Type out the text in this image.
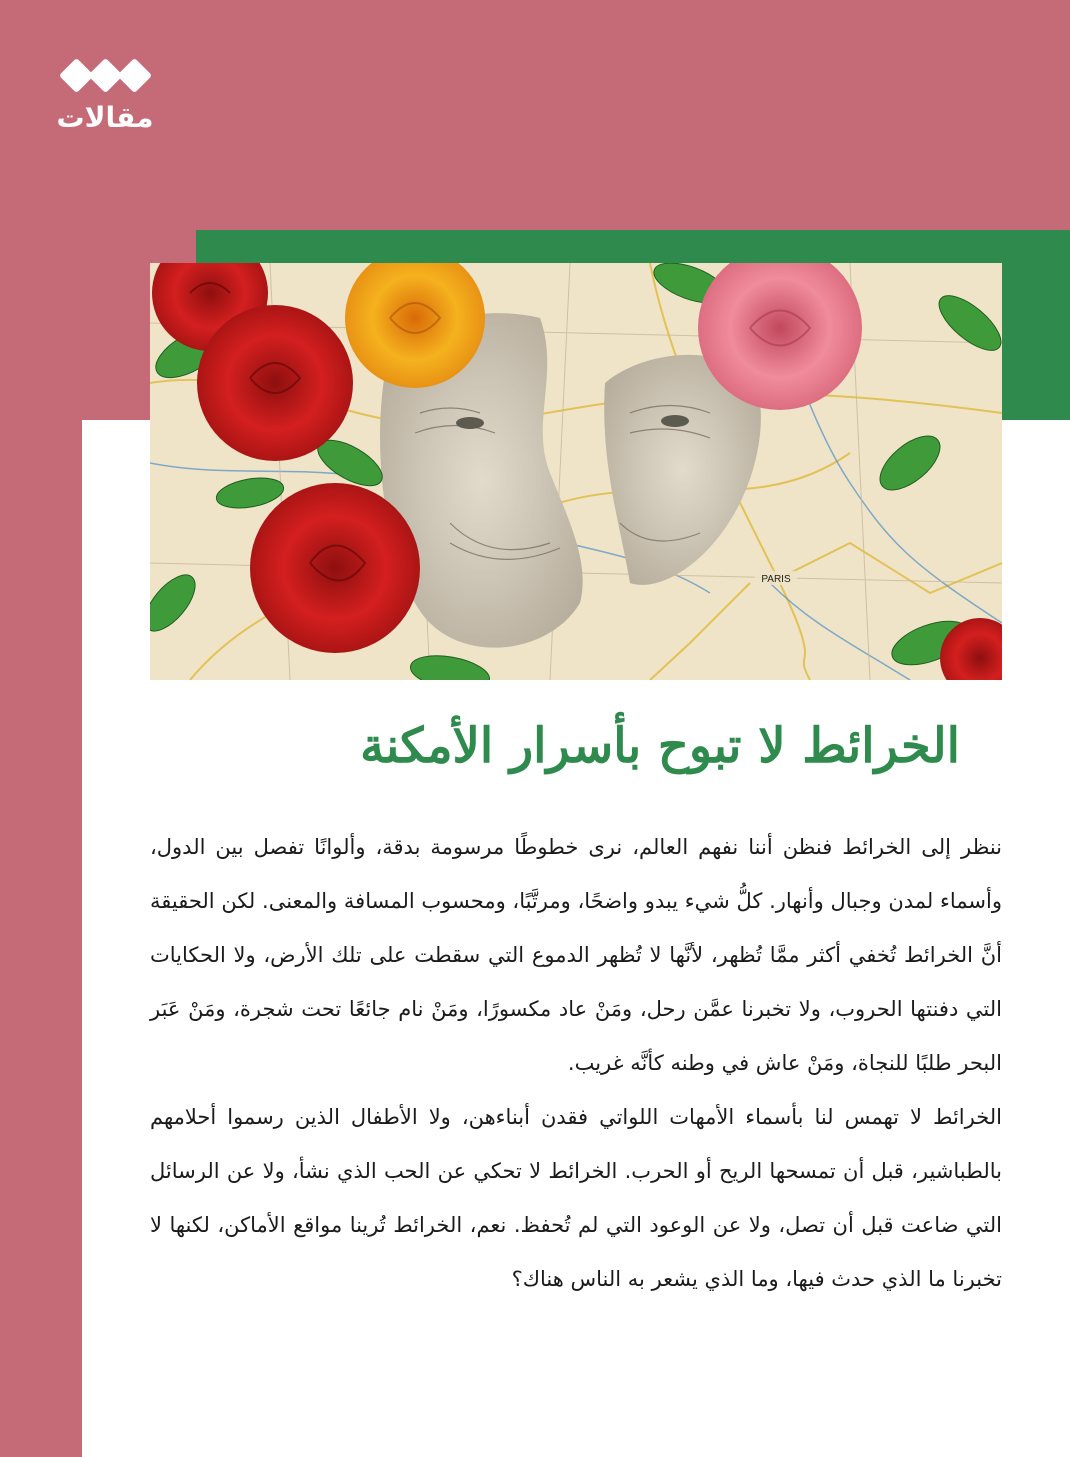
مقالات
PARIS
الخرائط لا تبوح بأسرار الأمكنة

ننظر إلى الخرائط فنظن أننا نفهم العالم، نرى خطوطًا مرسومة بدقة، وألوانًا تفصل بين الدول، وأسماء لمدن وجبال وأنهار. كلُّ شيء يبدو واضحًا، ومرتَّبًا، ومحسوب المسافة والمعنى. لكن الحقيقة أنَّ الخرائط تُخفي أكثر ممَّا تُظهر، لأنَّها لا تُظهر الدموع التي سقطت على تلك الأرض، ولا الحكايات التي دفنتها الحروب، ولا تخبرنا عمَّن رحل، ومَنْ عاد مكسورًا، ومَنْ نام جائعًا تحت شجرة، ومَنْ عَبَر البحر طلبًا للنجاة، ومَنْ عاش في وطنه كأنَّه غريب.

الخرائط لا تهمس لنا بأسماء الأمهات اللواتي فقدن أبناءهن، ولا الأطفال الذين رسموا أحلامهم بالطباشير، قبل أن تمسحها الريح أو الحرب. الخرائط لا تحكي عن الحب الذي نشأ، ولا عن الرسائل التي ضاعت قبل أن تصل، ولا عن الوعود التي لم تُحفظ. نعم، الخرائط تُرينا مواقع الأماكن، لكنها لا تخبرنا ما الذي حدث فيها، وما الذي يشعر به الناس هناك؟
